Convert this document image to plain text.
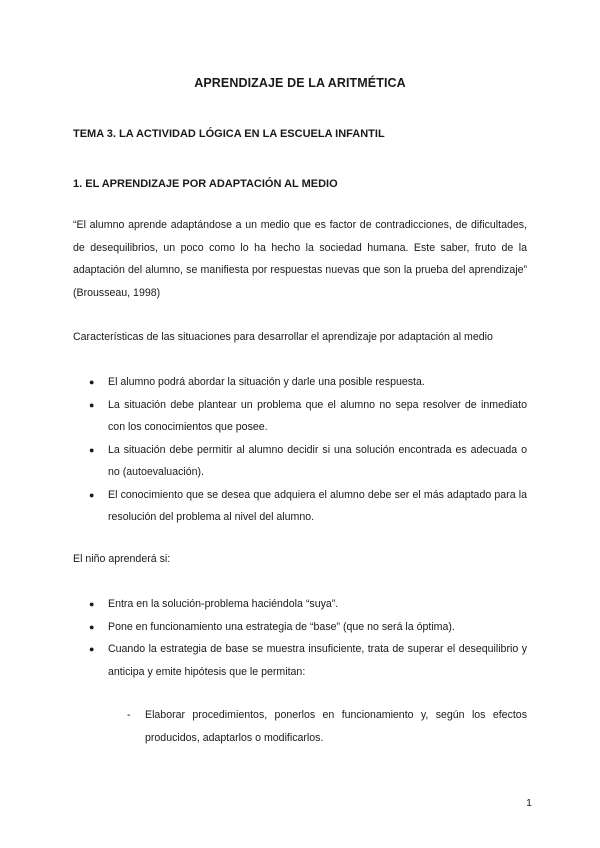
APRENDIZAJE DE LA ARITMÉTICA
TEMA 3. LA ACTIVIDAD LÓGICA EN LA ESCUELA INFANTIL
1. EL APRENDIZAJE POR ADAPTACIÓN AL MEDIO

“El alumno aprende adaptándose a un medio que es factor de contradicciones, de dificultades, de desequilibrios, un poco como lo ha hecho la sociedad humana. Este saber, fruto de la adaptación del alumno, se manifiesta por respuestas nuevas que son la prueba del aprendizaje” (Brousseau, 1998)

Características de las situaciones para desarrollar el aprendizaje por adaptación al medio

● El alumno podrá abordar la situación y darle una posible respuesta.
● La situación debe plantear un problema que el alumno no sepa resolver de inmediato con los conocimientos que posee.
● La situación debe permitir al alumno decidir si una solución encontrada es adecuada o no (autoevaluación).
● El conocimiento que se desea que adquiera el alumno debe ser el más adaptado para la resolución del problema al nivel del alumno.

El niño aprenderá si:

● Entra en la solución-problema haciéndola “suya”.
● Pone en funcionamiento una estrategia de “base” (que no será la óptima).
● Cuando la estrategia de base se muestra insuficiente, trata de superar el desequilibrio y anticipa y emite hipótesis que le permitan:
- Elaborar procedimientos, ponerlos en funcionamiento y, según los efectos producidos, adaptarlos o modificarlos.
1
